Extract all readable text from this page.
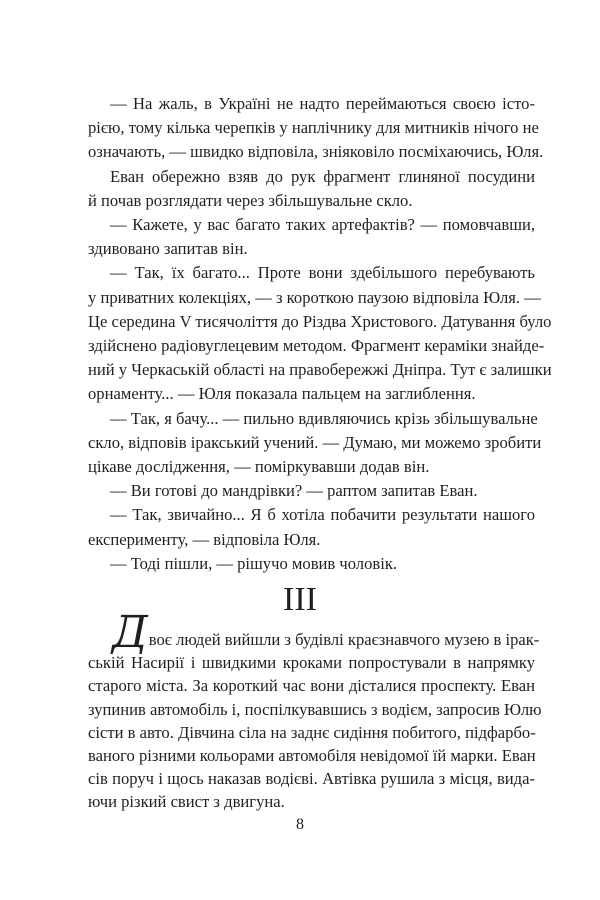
— На жаль, в Україні не надто переймаються своєю істо-
рією, тому кілька черепків у наплічнику для митників нічого не
означають, — швидко відповіла, зніяковіло посміхаючись, Юля.
Еван обережно взяв до рук фрагмент глиняної посудини
й почав розглядати через збільшувальне скло.
— Кажете, у вас багато таких артефактів? — помовчавши,
здивовано запитав він.
— Так, їх багато... Проте вони здебільшого перебувають
у приватних колекціях, — з короткою паузою відповіла Юля. —
Це середина V тисячоліття до Різдва Христового. Датування було
здійснено радіовуглецевим методом. Фрагмент кераміки знайде-
ний у Черкаській області на правобережжі Дніпра. Тут є залишки
орнаменту... — Юля показала пальцем на заглиблення.
— Так, я бачу... — пильно вдивляючись крізь збільшувальне
скло, відповів іракський учений. — Думаю, ми можемо зробити
цікаве дослідження, — поміркувавши додав він.
— Ви готові до мандрівки? — раптом запитав Еван.
— Так, звичайно... Я б хотіла побачити результати нашого
експерименту, — відповіла Юля.
— Тоді пішли, — рішучо мовив чоловік.
III
Двоє людей вийшли з будівлі краєзнавчого музею в ірак-
ській Насирії і швидкими кроками попростували в напрямку
старого міста. За короткий час вони дісталися проспекту. Еван
зупинив автомобіль і, поспілкувавшись з водієм, запросив Юлю
сісти в авто. Дівчина сіла на заднє сидіння побитого, підфарбо-
ваного різними кольорами автомобіля невідомої їй марки. Еван
сів поруч і щось наказав водієві. Автівка рушила з місця, вида-
ючи різкий свист з двигуна.
8
